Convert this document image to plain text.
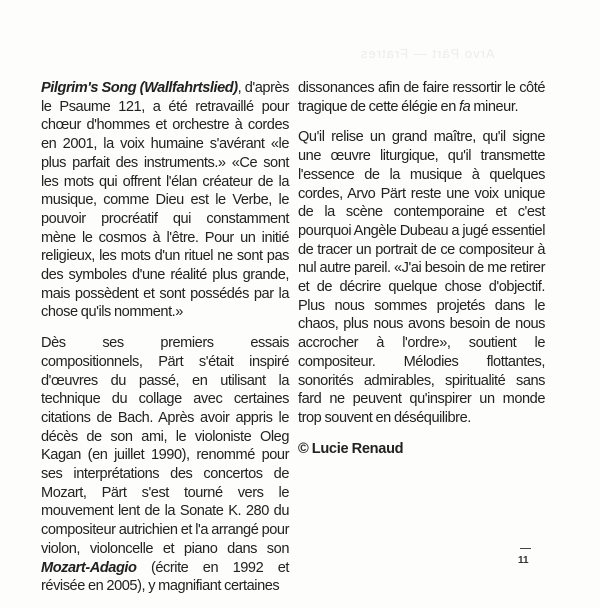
Arvo Pärt — Fratres

Pilgrim's Song (Wallfahrtslied), d'après le Psaume 121, a été retravaillé pour chœur d'hommes et orchestre à cordes en 2001, la voix humaine s'avérant «le plus parfait des instruments.» «Ce sont les mots qui offrent l'élan créateur de la musique, comme Dieu est le Verbe, le pouvoir procréatif qui constamment mène le cosmos à l'être. Pour un initié religieux, les mots d'un rituel ne sont pas des symboles d'une réalité plus grande, mais possèdent et sont possédés par la chose qu'ils nomment.»

Dès ses premiers essais compositionnels, Pärt s'était inspiré d'œuvres du passé, en utilisant la technique du collage avec certaines citations de Bach. Après avoir appris le décès de son ami, le violoniste Oleg Kagan (en juillet 1990), renommé pour ses interprétations des concertos de Mozart, Pärt s'est tourné vers le mouvement lent de la Sonate K. 280 du compositeur autrichien et l'a arrangé pour violon, violoncelle et piano dans son Mozart-Adagio (écrite en 1992 et révisée en 2005), y magnifiant certaines

dissonances afin de faire ressortir le côté tragique de cette élégie en fa mineur.

Qu'il relise un grand maître, qu'il signe une œuvre liturgique, qu'il transmette l'essence de la musique à quelques cordes, Arvo Pärt reste une voix unique de la scène contemporaine et c'est pourquoi Angèle Dubeau a jugé essentiel de tracer un portrait de ce compositeur à nul autre pareil. «J'ai besoin de me retirer et de décrire quelque chose d'objectif. Plus nous sommes projetés dans le chaos, plus nous avons besoin de nous accrocher à l'ordre», soutient le compositeur. Mélodies flottantes, sonorités admirables, spiritualité sans fard ne peuvent qu'inspirer un monde trop souvent en déséquilibre.

© Lucie Renaud
11
